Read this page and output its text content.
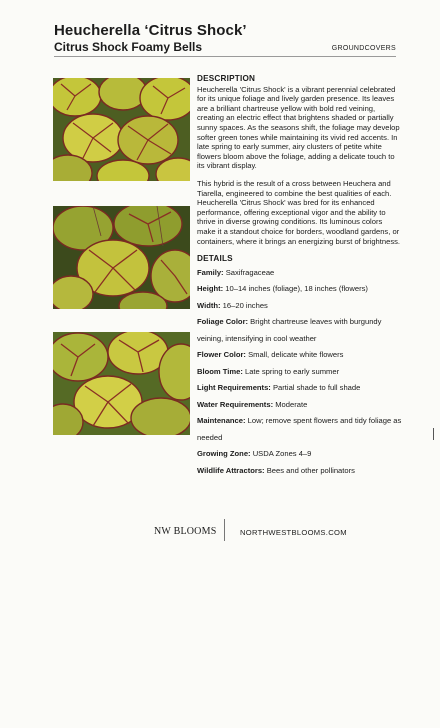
Heucherella ‘Citrus Shock’
Citrus Shock Foamy Bells	GROUNDCOVERS
DESCRIPTION

Heucherella 'Citrus Shock' is a vibrant perennial celebrated for its unique foliage and lively garden presence. Its leaves are a brilliant chartreuse yellow with bold red veining, creating an electric effect that brightens shaded or partially sunny spaces. As the seasons shift, the foliage may develop softer green tones while maintaining its vivid red accents. In late spring to early summer, airy clusters of petite white flowers bloom above the foliage, adding a delicate touch to its vibrant display.

This hybrid is the result of a cross between Heuchera and Tiarella, engineered to combine the best qualities of each. Heucherella 'Citrus Shock' was bred for its enhanced performance, offering exceptional vigor and the ability to thrive in diverse growing conditions. Its luminous colors make it a standout choice for borders, woodland gardens, or containers, where it brings an energizing burst of brightness.

DETAILS

Family: Saxifragaceae

Height: 10–14 inches (foliage), 18 inches (flowers)

Width: 16–20 inches

Foliage Color: Bright chartreuse leaves with burgundy veining, intensifying in cool weather

Flower Color: Small, delicate white flowers

Bloom Time: Late spring to early summer

Light Requirements: Partial shade to full shade

Water Requirements: Moderate

Maintenance: Low; remove spent flowers and tidy foliage as needed

Growing Zone: USDA Zones 4–9

Wildlife Attractors: Bees and other pollinators

NW BLOOMS	NORTHWESTBLOOMS.COM
